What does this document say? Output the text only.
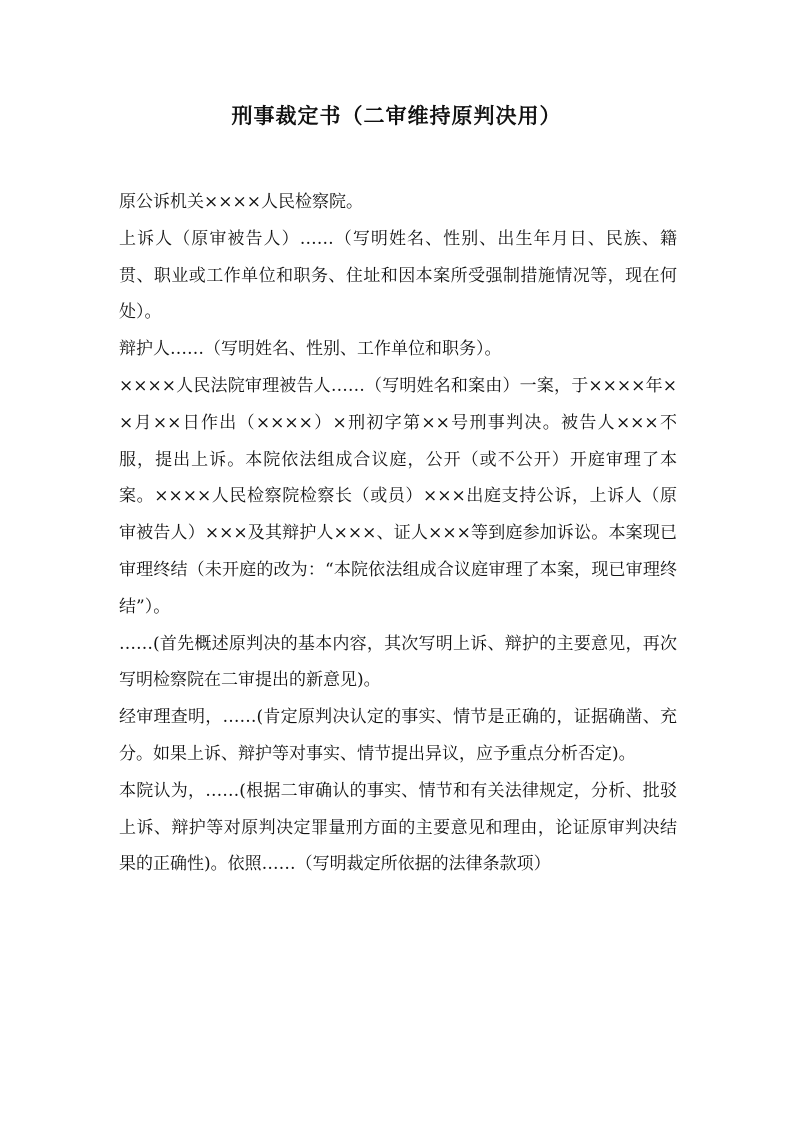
刑事裁定书（二审维持原判决用）

原公诉机关××××人民检察院。

上诉人（原审被告人）……（写明姓名、性别、出生年月日、民族、籍贯、职业或工作单位和职务、住址和因本案所受强制措施情况等，现在何处）。

辩护人……（写明姓名、性别、工作单位和职务）。

××××人民法院审理被告人……（写明姓名和案由）一案，于××××年××月××日作出（××××）×刑初字第××号刑事判决。被告人×××不服，提出上诉。本院依法组成合议庭，公开（或不公开）开庭审理了本案。××××人民检察院检察长（或员）×××出庭支持公诉，上诉人（原审被告人）×××及其辩护人×××、证人×××等到庭参加诉讼。本案现已审理终结（未开庭的改为：“本院依法组成合议庭审理了本案，现已审理终结”）。

……(首先概述原判决的基本内容，其次写明上诉、辩护的主要意见，再次写明检察院在二审提出的新意见)。

经审理查明，……(肯定原判决认定的事实、情节是正确的，证据确凿、充分。如果上诉、辩护等对事实、情节提出异议，应予重点分析否定)。

本院认为，……(根据二审确认的事实、情节和有关法律规定，分析、批驳上诉、辩护等对原判决定罪量刑方面的主要意见和理由，论证原审判决结果的正确性)。依照……（写明裁定所依据的法律条款项）
